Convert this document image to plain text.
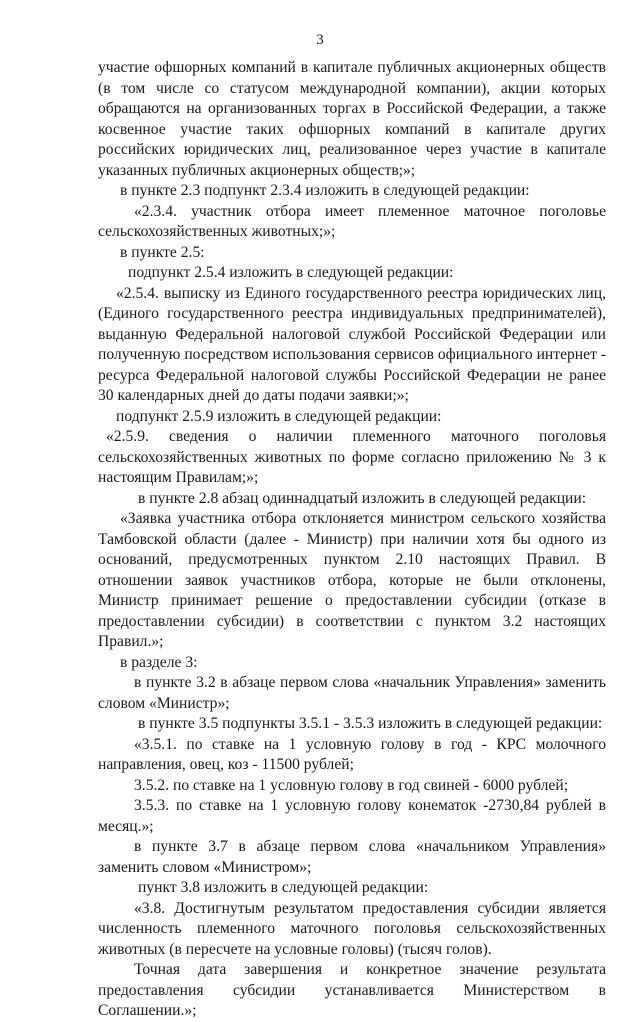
3

участие офшорных компаний в капитале публичных акционерных обществ (в том числе со статусом международной компании), акции которых обращаются на организованных торгах в Российской Федерации, а также косвенное участие таких офшорных компаний в капитале других российских юридических лиц, реализованное через участие в капитале указанных публичных акционерных обществ;»;

в пункте 2.3 подпункт 2.3.4 изложить в следующей редакции:

«2.3.4. участник отбора имеет племенное маточное поголовье сельскохозяйственных животных;»;

в пункте 2.5:

подпункт 2.5.4 изложить в следующей редакции:

«2.5.4. выписку из Единого государственного реестра юридических лиц, (Единого государственного реестра индивидуальных предпринимателей), выданную Федеральной налоговой службой Российской Федерации или полученную посредством использования сервисов официального интернет - ресурса Федеральной налоговой службы Российской Федерации не ранее 30 календарных дней до даты подачи заявки;»;

подпункт 2.5.9 изложить в следующей редакции:

«2.5.9. сведения о наличии племенного маточного поголовья сельскохозяйственных животных по форме согласно приложению № 3 к настоящим Правилам;»;

в пункте 2.8 абзац одиннадцатый изложить в следующей редакции:

«Заявка участника отбора отклоняется министром сельского хозяйства Тамбовской области (далее - Министр) при наличии хотя бы одного из оснований, предусмотренных пунктом 2.10 настоящих Правил. В отношении заявок участников отбора, которые не были отклонены, Министр принимает решение о предоставлении субсидии (отказе в предоставлении субсидии) в соответствии с пунктом 3.2 настоящих Правил.»;

в разделе 3:

в пункте 3.2 в абзаце первом слова «начальник Управления» заменить словом «Министр»;

в пункте 3.5 подпункты 3.5.1 - 3.5.3 изложить в следующей редакции:

«3.5.1. по ставке на 1 условную голову в год - КРС молочного направления, овец, коз - 11500 рублей;

3.5.2. по ставке на 1 условную голову в год свиней - 6000 рублей;

3.5.3. по ставке на 1 условную голову конематок -2730,84 рублей в месяц.»;

в пункте 3.7 в абзаце первом слова «начальником Управления» заменить словом «Министром»;

пункт 3.8 изложить в следующей редакции:

«3.8. Достигнутым результатом предоставления субсидии является численность племенного маточного поголовья сельскохозяйственных животных (в пересчете на условные головы) (тысяч голов).

Точная дата завершения и конкретное значение результата предоставления субсидии устанавливается Министерством в Соглашении.»;
